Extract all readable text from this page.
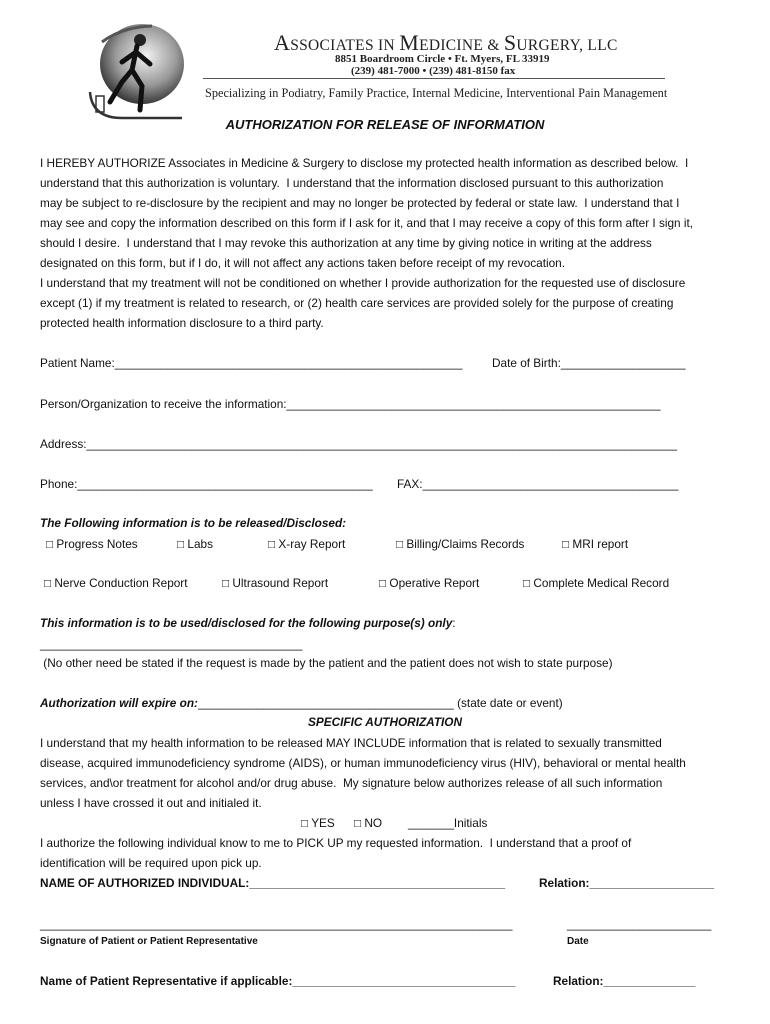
ASSOCIATES IN MEDICINE & SURGERY, LLC
8851 Boardroom Circle • Ft. Myers, FL 33919
(239) 481-7000 • (239) 481-8150 fax
Specializing in Podiatry, Family Practice, Internal Medicine, Interventional Pain Management
AUTHORIZATION FOR RELEASE OF INFORMATION
I HEREBY AUTHORIZE Associates in Medicine & Surgery to disclose my protected health information as described below.  I
understand that this authorization is voluntary.  I understand that the information disclosed pursuant to this authorization
may be subject to re-disclosure by the recipient and may no longer be protected by federal or state law.  I understand that I
may see and copy the information described on this form if I ask for it, and that I may receive a copy of this form after I sign it,
should I desire.  I understand that I may revoke this authorization at any time by giving notice in writing at the address
designated on this form, but if I do, it will not affect any actions taken before receipt of my revocation.
I understand that my treatment will not be conditioned on whether I provide authorization for the requested use of disclosure
except (1) if my treatment is related to research, or (2) health care services are provided solely for the purpose of creating
protected health information disclosure to a third party.
Patient Name:_____________________________________________________	Date of Birth:___________________
Person/Organization to receive the information:_________________________________________________________
Address:__________________________________________________________________________________________
Phone:_____________________________________________ FAX:_______________________________________
The Following information is to be released/Disclosed:
□ Progress Notes	□ Labs	□ X-ray Report	□ Billing/Claims Records	□ MRI report
□ Nerve Conduction Report	□ Ultrasound Report	□ Operative Report	□ Complete Medical Record
This information is to be used/disclosed for the following purpose(s) only:
________________________________________
(No other need be stated if the request is made by the patient and the patient does not wish to state purpose)
Authorization will expire on:_______________________________________ (state date or event)
SPECIFIC AUTHORIZATION
I understand that my health information to be released MAY INCLUDE information that is related to sexually transmitted
disease, acquired immunodeficiency syndrome (AIDS), or human immunodeficiency virus (HIV), behavioral or mental health
services, and\or treatment for alcohol and/or drug abuse.  My signature below authorizes release of all such information
unless I have crossed it out and initialed it.
□ YES □ NO _______Initials
I authorize the following individual know to me to PICK UP my requested information.  I understand that a proof of
identification will be required upon pick up.
NAME OF AUTHORIZED INDIVIDUAL:_______________________________________	Relation:___________________
________________________________________________________________________	______________________
Signature of Patient or Patient Representative	Date
Name of Patient Representative if applicable:__________________________________	Relation:______________
